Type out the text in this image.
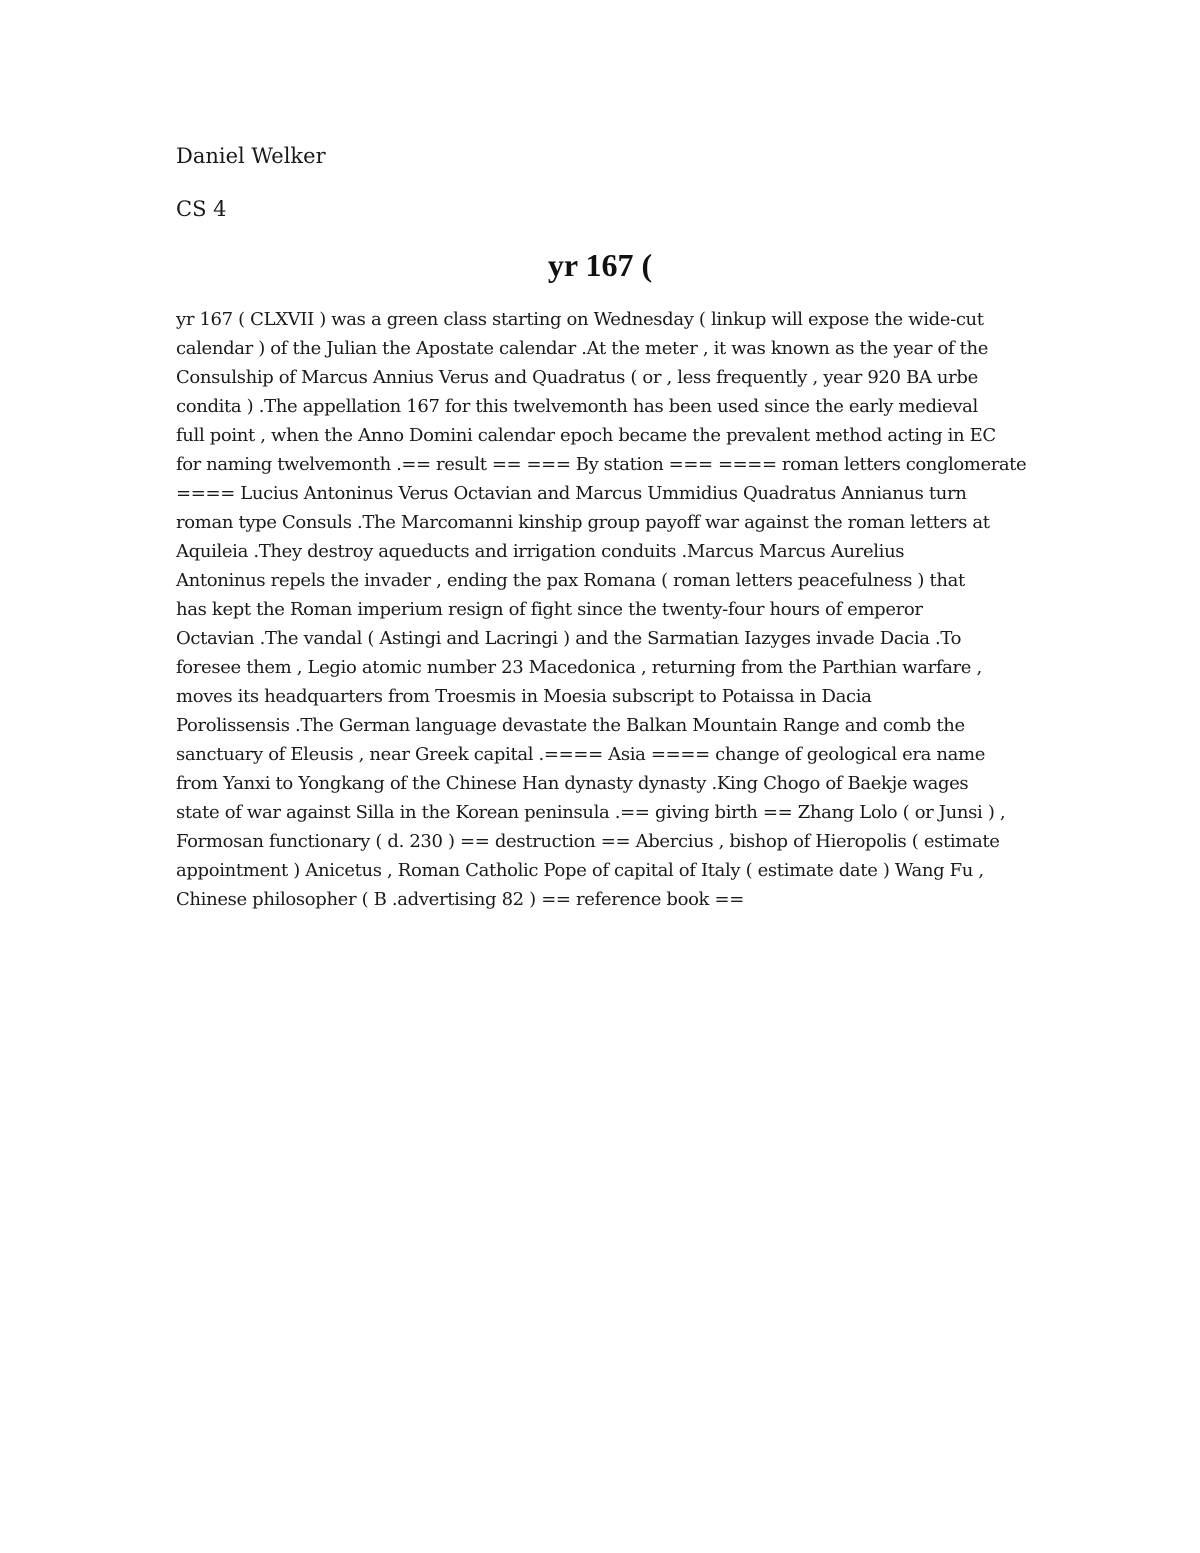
Daniel Welker
CS 4
yr 167 (

yr 167 ( CLXVII ) was a green class starting on Wednesday ( linkup will expose the wide-cut
calendar ) of the Julian the Apostate calendar .At the meter , it was known as the year of the
Consulship of Marcus Annius Verus and Quadratus ( or , less frequently , year 920 BA urbe
condita ) .The appellation 167 for this twelvemonth has been used since the early medieval
full point , when the Anno Domini calendar epoch became the prevalent method acting in EC
for naming twelvemonth .== result == === By station === ==== roman letters conglomerate
==== Lucius Antoninus Verus Octavian and Marcus Ummidius Quadratus Annianus turn
roman type Consuls .The Marcomanni kinship group payoff war against the roman letters at
Aquileia .They destroy aqueducts and irrigation conduits .Marcus Marcus Aurelius
Antoninus repels the invader , ending the pax Romana ( roman letters peacefulness ) that
has kept the Roman imperium resign of fight since the twenty-four hours of emperor
Octavian .The vandal ( Astingi and Lacringi ) and the Sarmatian Iazyges invade Dacia .To
foresee them , Legio atomic number 23 Macedonica , returning from the Parthian warfare ,
moves its headquarters from Troesmis in Moesia subscript to Potaissa in Dacia
Porolissensis .The German language devastate the Balkan Mountain Range and comb the
sanctuary of Eleusis , near Greek capital .==== Asia ==== change of geological era name
from Yanxi to Yongkang of the Chinese Han dynasty dynasty .King Chogo of Baekje wages
state of war against Silla in the Korean peninsula .== giving birth == Zhang Lolo ( or Junsi ) ,
Formosan functionary ( d. 230 ) == destruction == Abercius , bishop of Hieropolis ( estimate
appointment ) Anicetus , Roman Catholic Pope of capital of Italy ( estimate date ) Wang Fu ,
Chinese philosopher ( B .advertising 82 ) == reference book ==
